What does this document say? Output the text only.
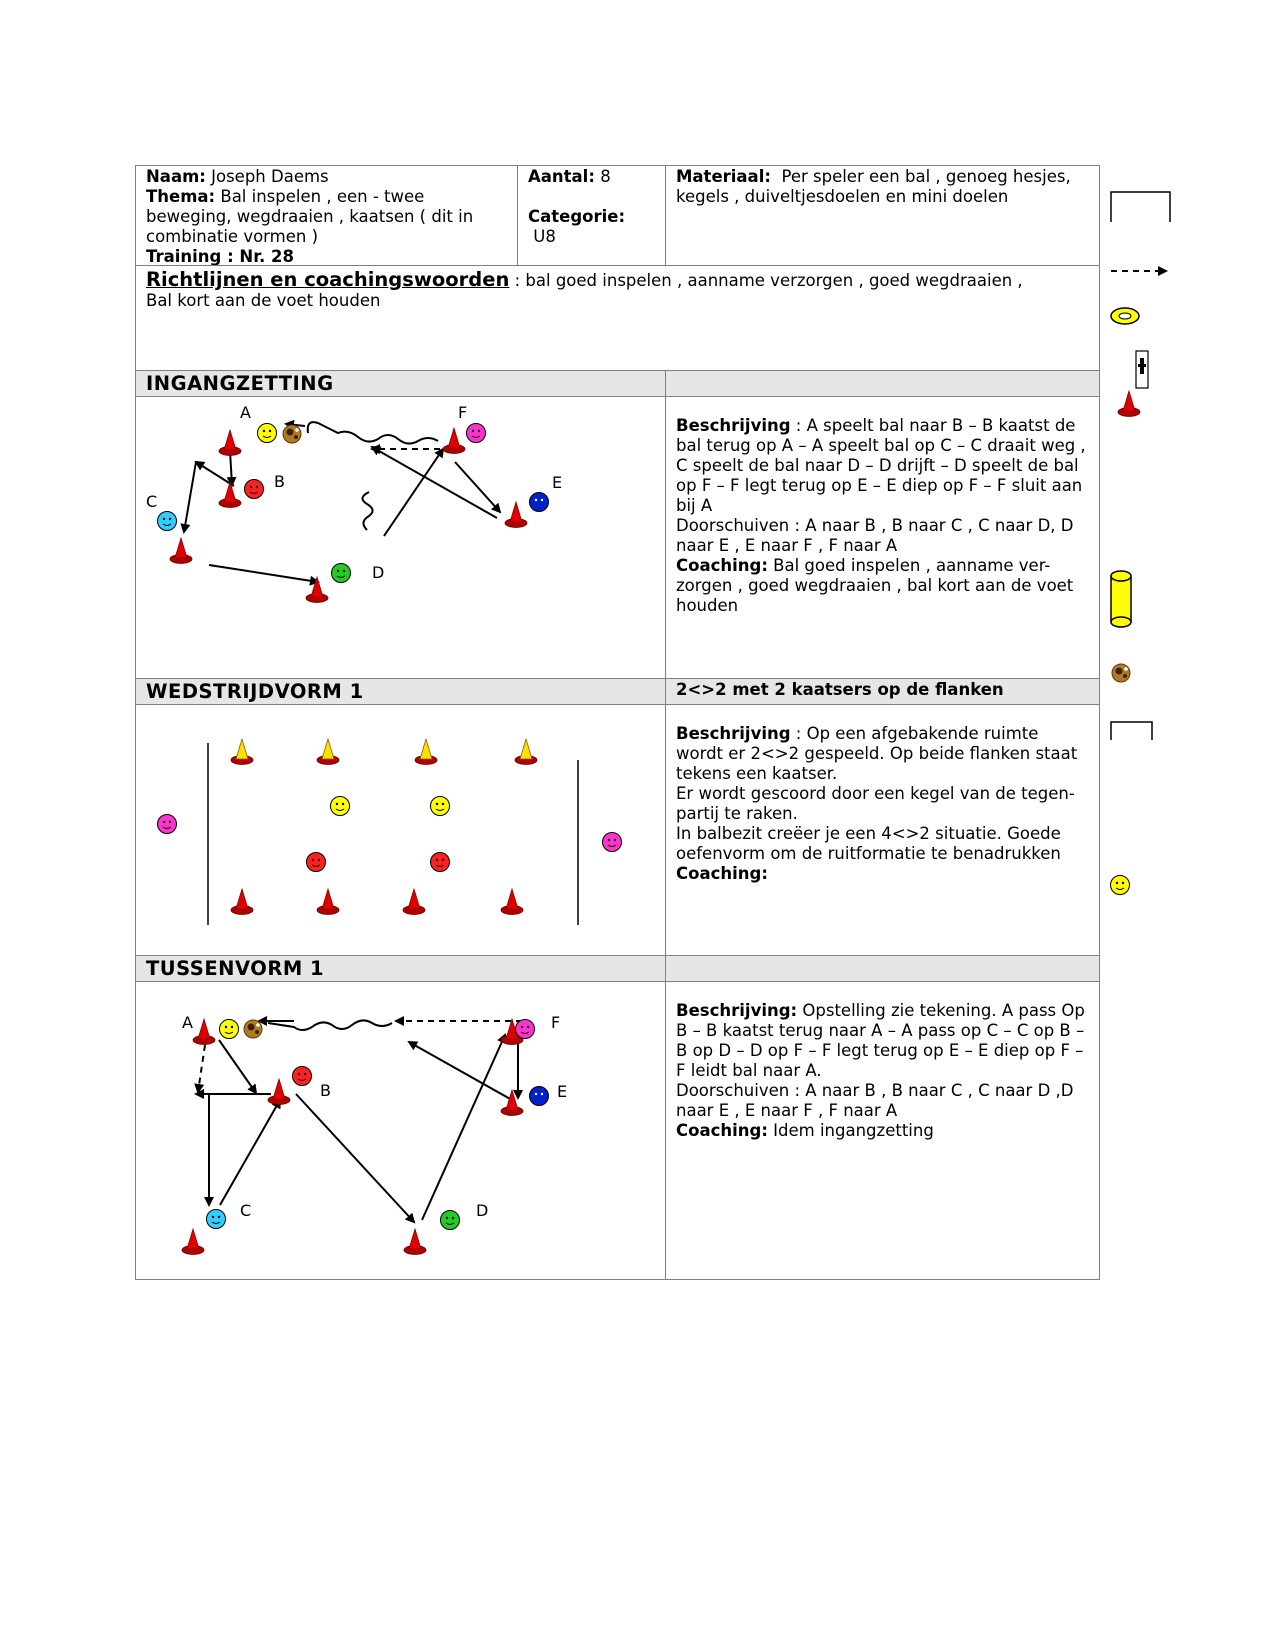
Naam: Joseph Daems
Thema: Bal inspelen , een - twee beweging, wegdraaien , kaatsen ( dit in combinatie vormen )
Training : Nr. 28
Aantal: 8

Categorie:
U8
Materiaal: Per speler een bal , genoeg hesjes, kegels , duiveltjesdoelen en mini doelen
Richtlijnen en coachingswoorden : bal goed inspelen , aanname verzorgen , goed wegdraaien ,
Bal kort aan de voet houden
INGANGZETTING
Beschrijving : A speelt bal naar B – B kaatst de bal terug op A – A speelt bal op C – C draait weg , C speelt de bal naar D – D drijft – D speelt de bal op F – F legt terug op E – E diep op F – F sluit aan bij A
Doorschuiven : A naar B , B naar C , C naar D, D naar E , E naar F , F naar A
Coaching: Bal goed inspelen , aanname ver-zorgen , goed wegdraaien , bal kort aan de voet houden
WEDSTRIJDVORM 1	2<>2 met 2 kaatsers op de flanken
Beschrijving : Op een afgebakende ruimte wordt er 2<>2 gespeeld. Op beide flanken staat tekens een kaatser.
Er wordt gescoord door een kegel van de tegen-partij te raken.
In balbezit creëer je een 4<>2 situatie. Goede oefenvorm om de ruitformatie te benadrukken
Coaching:
TUSSENVORM 1
Beschrijving: Opstelling zie tekening. A pass Op B – B kaatst terug naar A – A pass op C – C op B – B op D – D op F – F legt terug op E – E diep op F – F leidt bal naar A.
Doorschuiven : A naar B , B naar C , C naar D ,D naar E , E naar F , F naar A
Coaching: Idem ingangzetting
A
B
C
D
E
F
A
B
C	D
E
F
